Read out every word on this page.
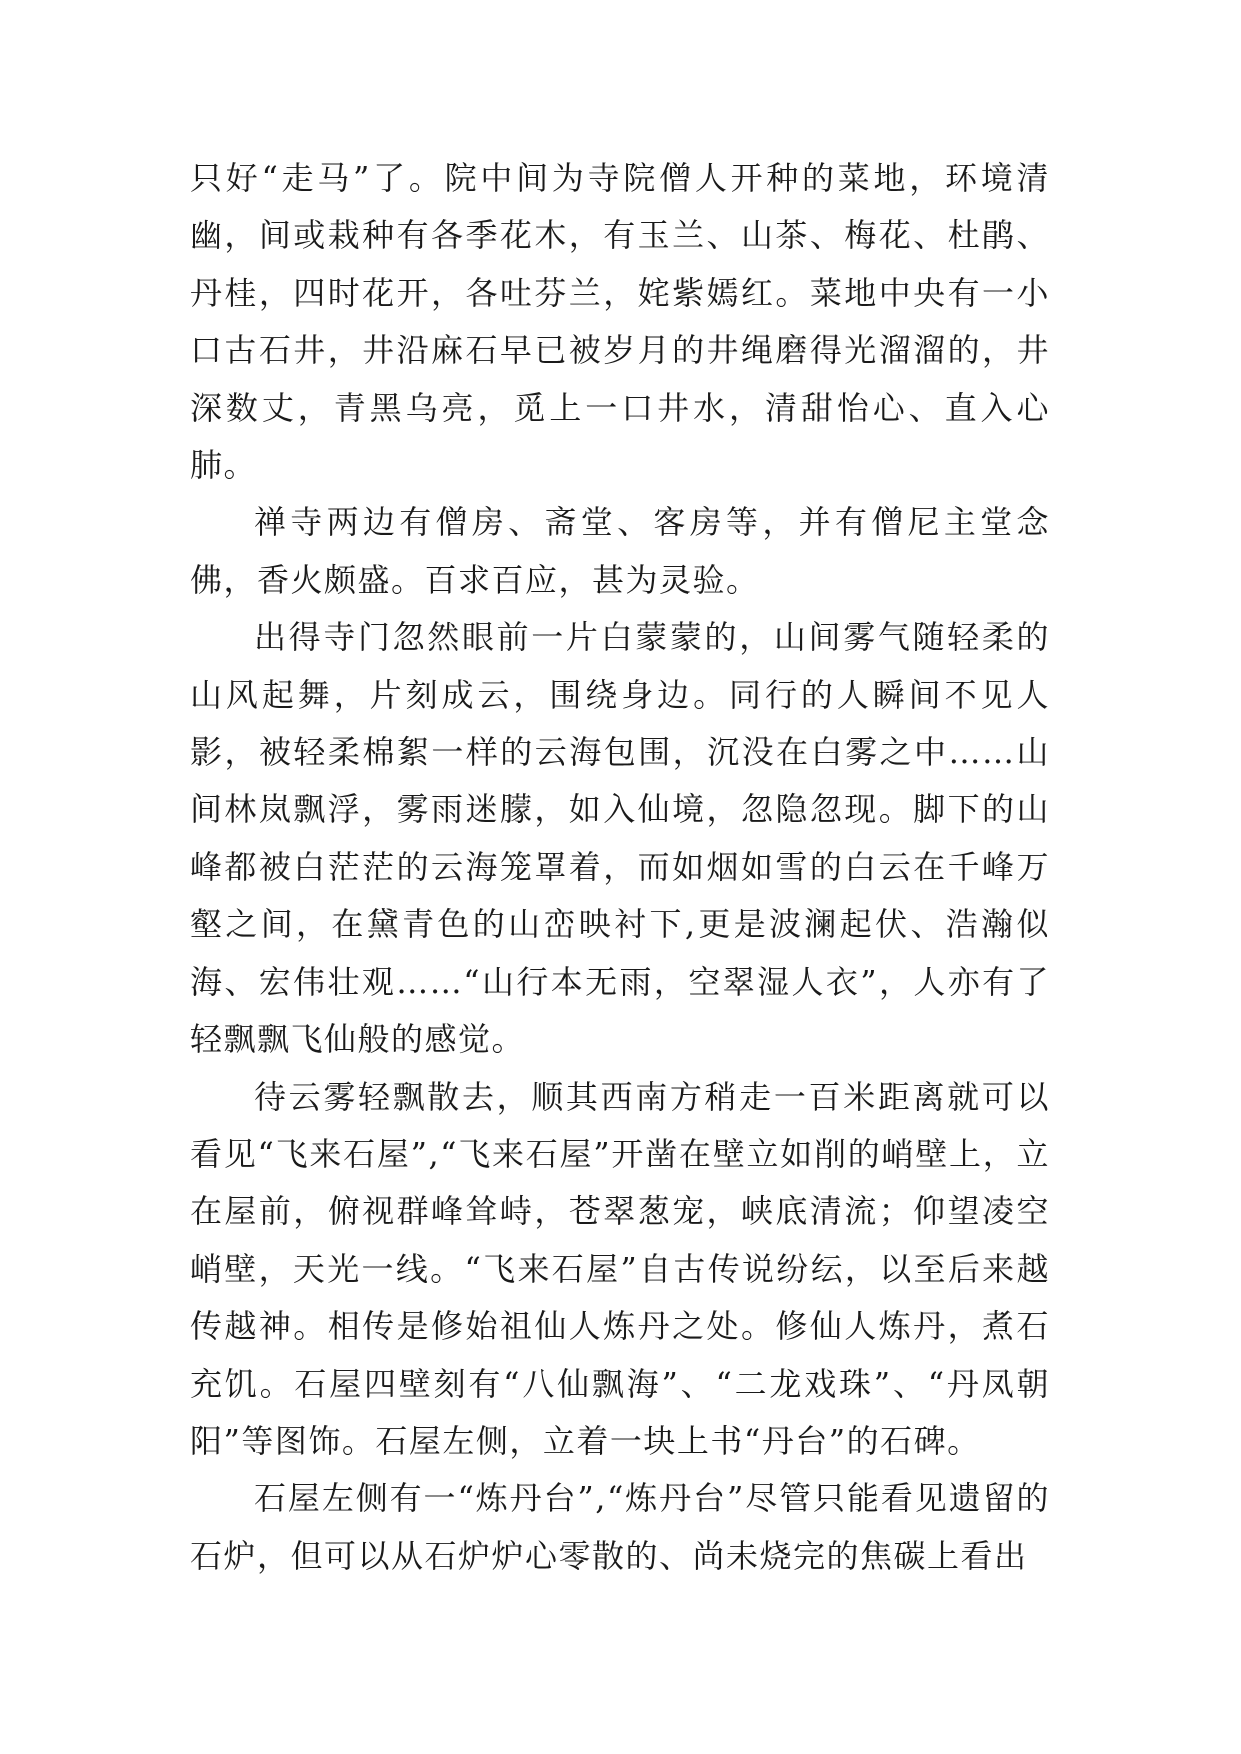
只好“走马”了。院中间为寺院僧人开种的菜地，环境清幽，间或栽种有各季花木，有玉兰、山茶、梅花、杜鹃、丹桂，四时花开，各吐芬兰，姹紫嫣红。菜地中央有一小口古石井，井沿麻石早已被岁月的井绳磨得光溜溜的，井深数丈，青黑乌亮，觅上一口井水，清甜怡心、直入心肺。

禅寺两边有僧房、斋堂、客房等，并有僧尼主堂念佛，香火颇盛。百求百应，甚为灵验。

出得寺门忽然眼前一片白蒙蒙的，山间雾气随轻柔的山风起舞，片刻成云，围绕身边。同行的人瞬间不见人影，被轻柔棉絮一样的云海包围，沉没在白雾之中……山间林岚飘浮，雾雨迷朦，如入仙境，忽隐忽现。脚下的山峰都被白茫茫的云海笼罩着，而如烟如雪的白云在千峰万壑之间，在黛青色的山峦映衬下,更是波澜起伏、浩瀚似海、宏伟壮观……“山行本无雨，空翠湿人衣”，人亦有了轻飘飘飞仙般的感觉。

待云雾轻飘散去，顺其西南方稍走一百米距离就可以看见“飞来石屋”,“飞来石屋”开凿在壁立如削的峭壁上，立在屋前，俯视群峰耸峙，苍翠葱宠，峡底清流；仰望凌空峭壁，天光一线。“飞来石屋”自古传说纷纭，以至后来越传越神。相传是修始祖仙人炼丹之处。修仙人炼丹，煮石充饥。石屋四壁刻有“八仙飘海”、“二龙戏珠”、“丹凤朝阳”等图饰。石屋左侧，立着一块上书“丹台”的石碑。

石屋左侧有一“炼丹台”,“炼丹台”尽管只能看见遗留的石炉，但可以从石炉炉心零散的、尚未烧完的焦碳上看出
